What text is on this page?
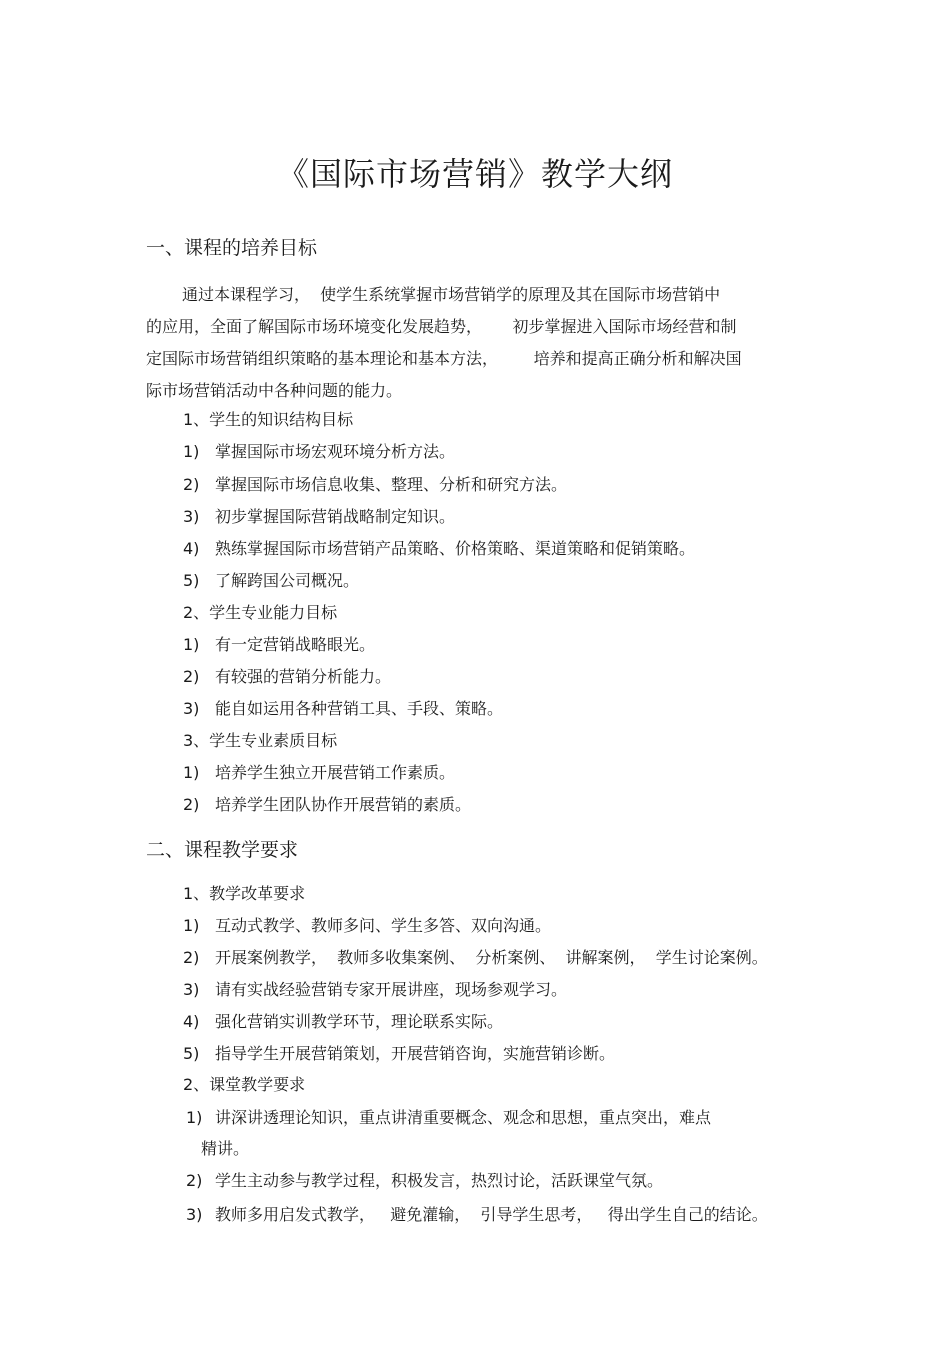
《国际市场营销》教学大纲
一、课程的培养目标
通过本课程学习，  使学生系统掌握市场营销学的原理及其在国际市场营销中
的应用，全面了解国际市场环境变化发展趋势，      初步掌握进入国际市场经营和制
定国际市场营销组织策略的基本理论和基本方法，       培养和提高正确分析和解决国
际市场营销活动中各种问题的能力。
1、学生的知识结构目标
1) 掌握国际市场宏观环境分析方法。
2) 掌握国际市场信息收集、整理、分析和研究方法。
3) 初步掌握国际营销战略制定知识。
4) 熟练掌握国际市场营销产品策略、价格策略、渠道策略和促销策略。
5) 了解跨国公司概况。
2、学生专业能力目标
1) 有一定营销战略眼光。
2) 有较强的营销分析能力。
3) 能自如运用各种营销工具、手段、策略。
3、学生专业素质目标
1) 培养学生独立开展营销工作素质。
2) 培养学生团队协作开展营销的素质。
二、课程教学要求
1、教学改革要求
1) 互动式教学、教师多问、学生多答、双向沟通。
2) 开展案例教学，  教师多收集案例、  分析案例、  讲解案例，  学生讨论案例。
3) 请有实战经验营销专家开展讲座，现场参观学习。
4) 强化营销实训教学环节，理论联系实际。
5) 指导学生开展营销策划，开展营销咨询，实施营销诊断。
2、课堂教学要求
1) 讲深讲透理论知识，重点讲清重要概念、观念和思想，重点突出，难点
精讲。
2) 学生主动参与教学过程，积极发言，热烈讨论，活跃课堂气氛。
3) 教师多用启发式教学，   避免灌输，  引导学生思考，   得出学生自己的结论。
